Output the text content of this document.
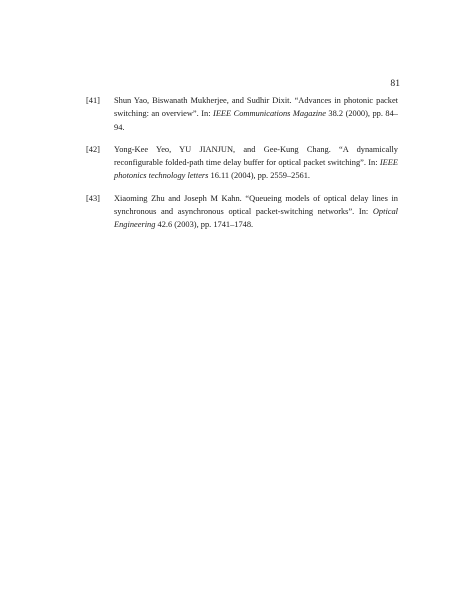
81
[41] Shun Yao, Biswanath Mukherjee, and Sudhir Dixit. “Advances in photonic packet switching: an overview”. In: IEEE Communications Magazine 38.2 (2000), pp. 84–94.
[42] Yong-Kee Yeo, YU JIANJUN, and Gee-Kung Chang. “A dynamically reconfigurable folded-path time delay buffer for optical packet switching”. In: IEEE photonics technology letters 16.11 (2004), pp. 2559–2561.
[43] Xiaoming Zhu and Joseph M Kahn. “Queueing models of optical delay lines in synchronous and asynchronous optical packet-switching networks”. In: Optical Engineering 42.6 (2003), pp. 1741–1748.
